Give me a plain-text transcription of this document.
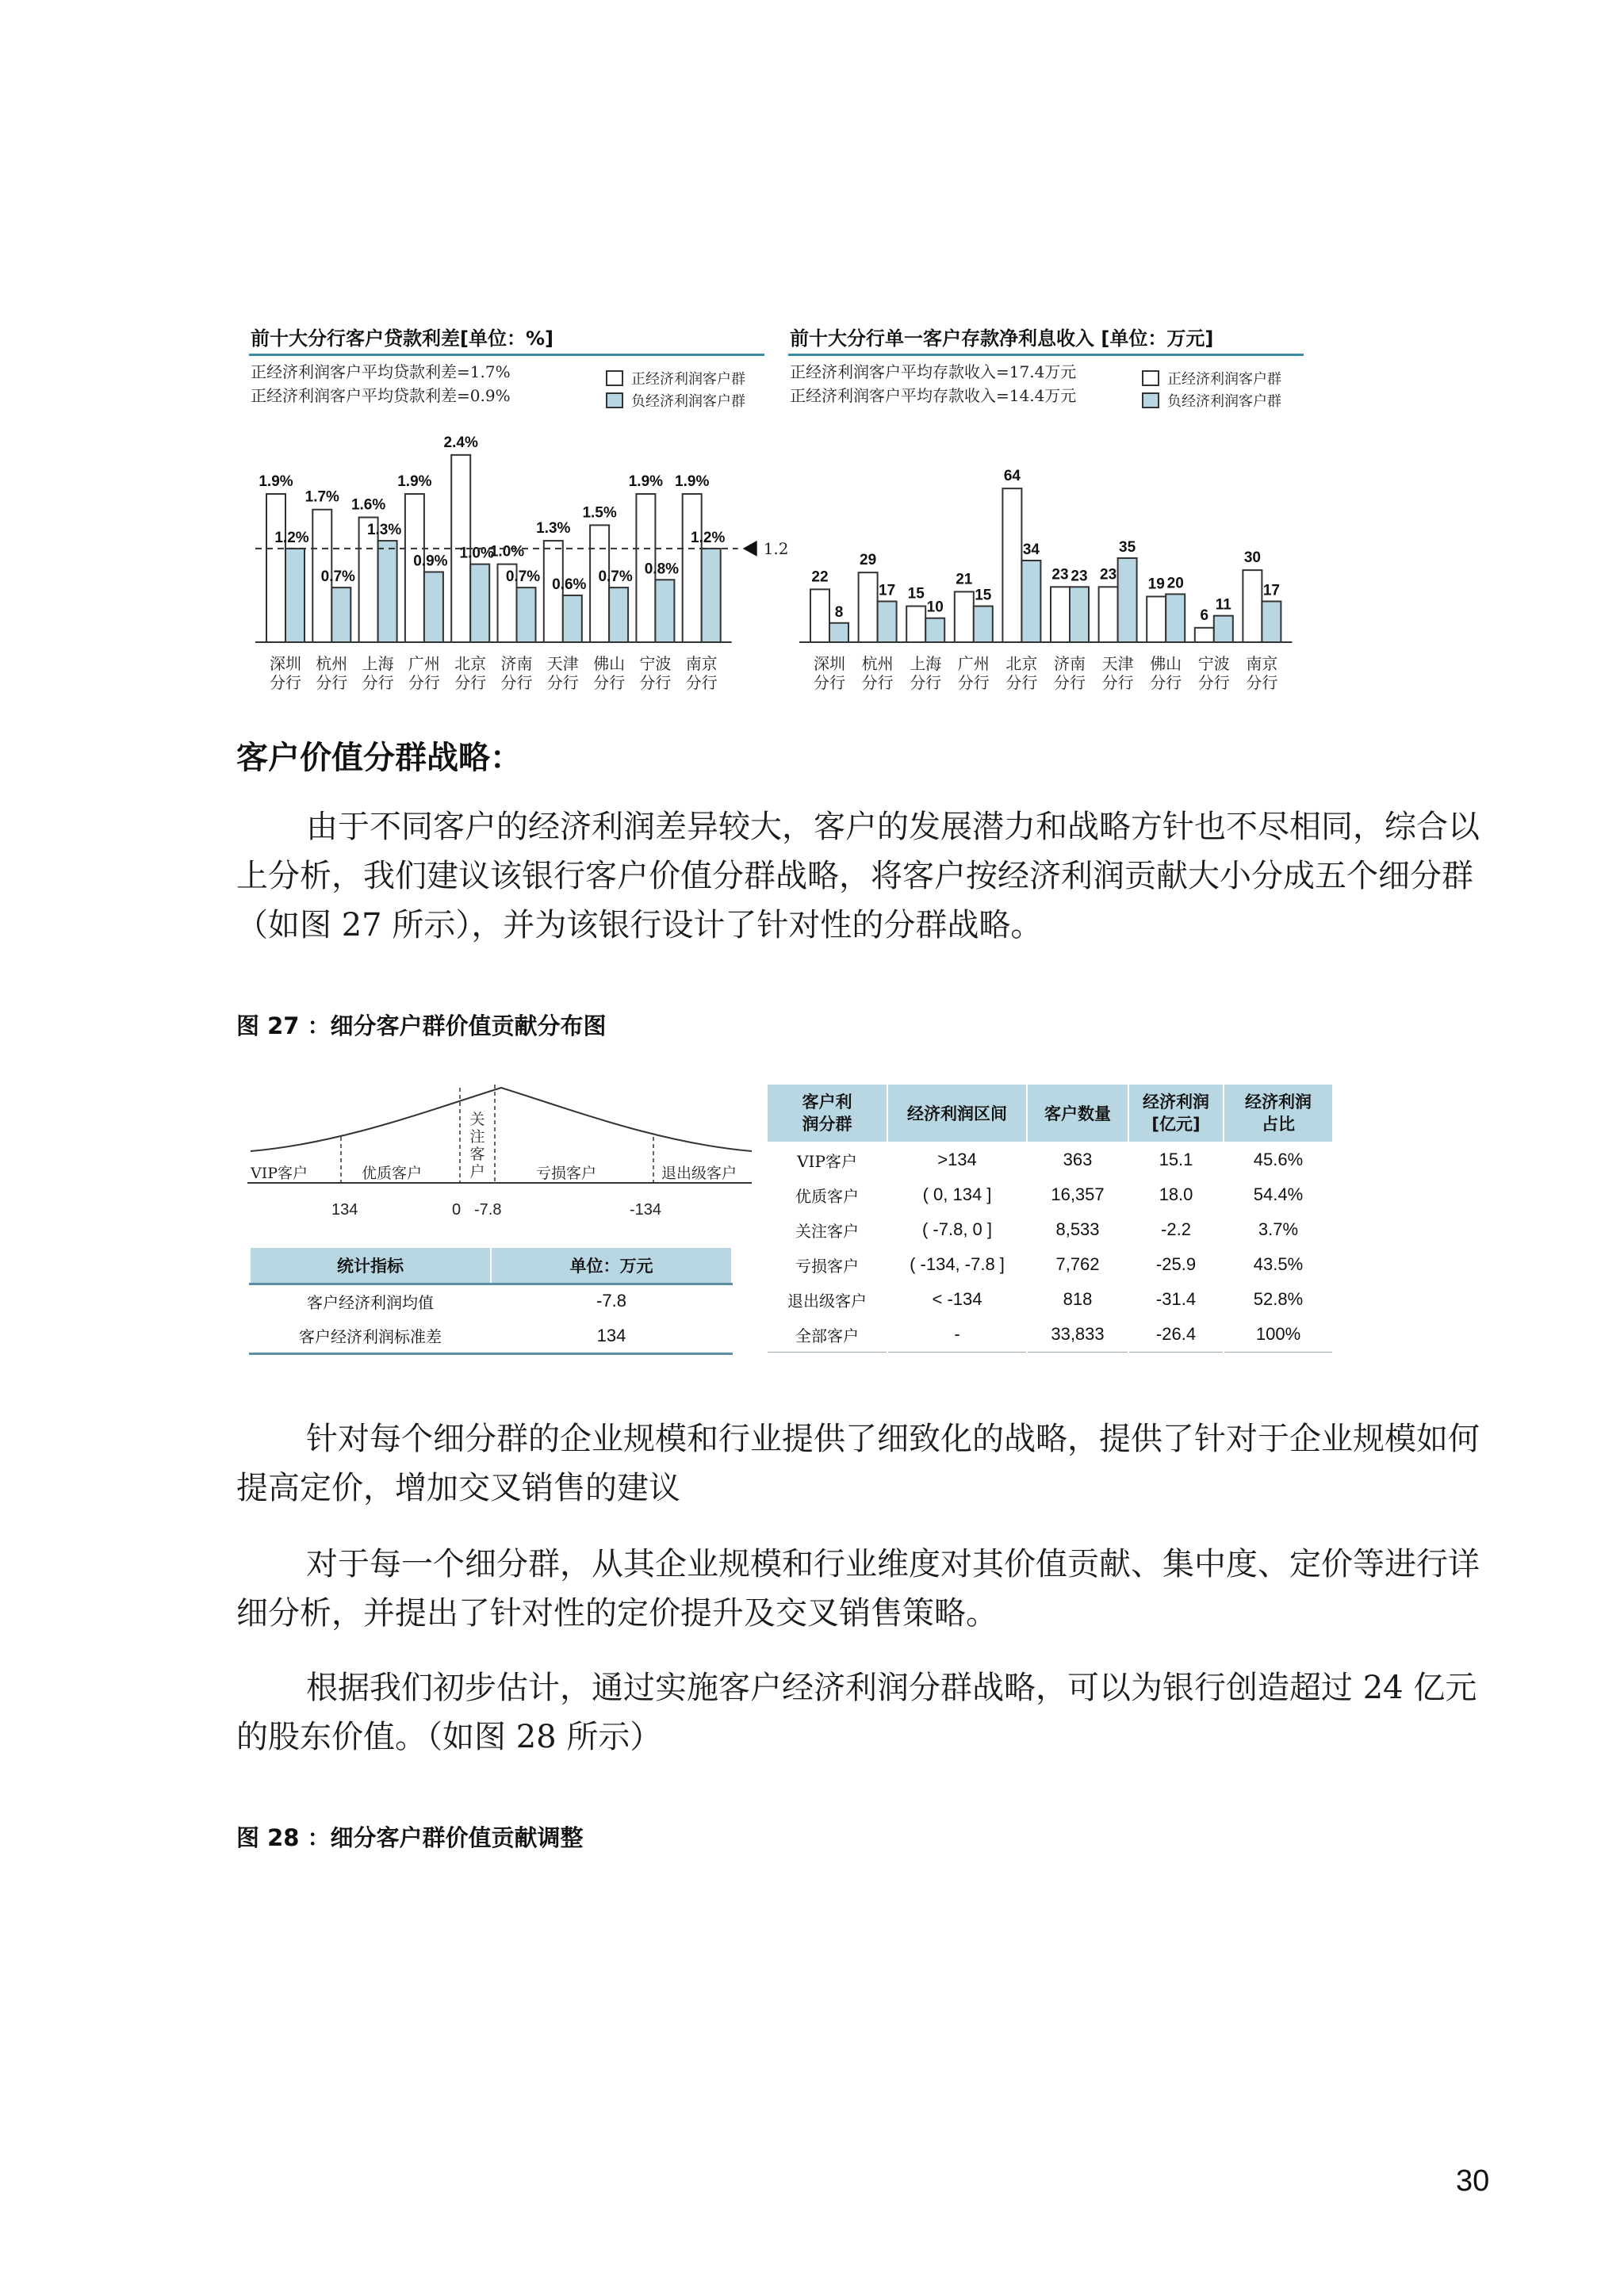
前十大分行客户贷款利差[单位：%]
正经济利润客户平均贷款利差=1.7%
正经济利润客户平均贷款利差=0.9%
正经济利润客户群
负经济利润客户群
1.9%
1.2%
深圳
分行
1.7%
0.7%
杭州
分行
1.6%
1.3%
上海
分行
1.9%
0.9%
广州
分行
2.4%
1.0%
北京
分行
1.0%
0.7%
济南
分行
1.3%
0.6%
天津
分行
1.5%
0.7%
佛山
分行
1.9%
0.8%
宁波
分行
1.9%
1.2%
南京
分行
1.2
前十大分行单一客户存款净利息收入 [单位：万元]
正经济利润客户平均存款收入=17.4万元
正经济利润客户平均存款收入=14.4万元
正经济利润客户群
负经济利润客户群
22
8
深圳
分行
29
17
杭州
分行
15
10
上海
分行
21
15
广州
分行
64
34
北京
分行
23 23
济南
分行
23
35
天津
分行
19 20
佛山
分行
6
11
宁波
分行
30
17
南京
分行
客户价值分群战略：
由于不同客户的经济利润差异较大，客户的发展潜力和战略方针也不尽相同，综合以上分析，我们建议该银行客户价值分群战略，将客户按经济利润贡献大小分成五个细分群（如图 27 所示），并为该银行设计了针对性的分群战略。
图 27 ：细分客户群价值贡献分布图
VIP客户	优质客户
关注客户	亏损客户	退出级客户
134	0 -7.8	-134
统计指标	单位：万元
客户经济利润均值	-7.8
客户经济利润标准差	134
客户利润分群	经济利润区间	客户数量	经济利润[亿元]	经济利润占比
VIP客户	>134	363	15.1	45.6%
优质客户	( 0, 134 ]	16,357	18.0	54.4%
关注客户	( -7.8, 0 ]	8,533	-2.2	3.7%
亏损客户	( -134, -7.8 ]	7,762	-25.9	43.5%
退出级客户	< -134	818	-31.4	52.8%
全部客户	-	33,833	-26.4	100%
针对每个细分群的企业规模和行业提供了细致化的战略，提供了针对于企业规模如何提高定价，增加交叉销售的建议
对于每一个细分群，从其企业规模和行业维度对其价值贡献、集中度、定价等进行详细分析，并提出了针对性的定价提升及交叉销售策略。
根据我们初步估计，通过实施客户经济利润分群战略，可以为银行创造超过 24 亿元的股东价值。（如图 28 所示）
图 28 ：细分客户群价值贡献调整
30
